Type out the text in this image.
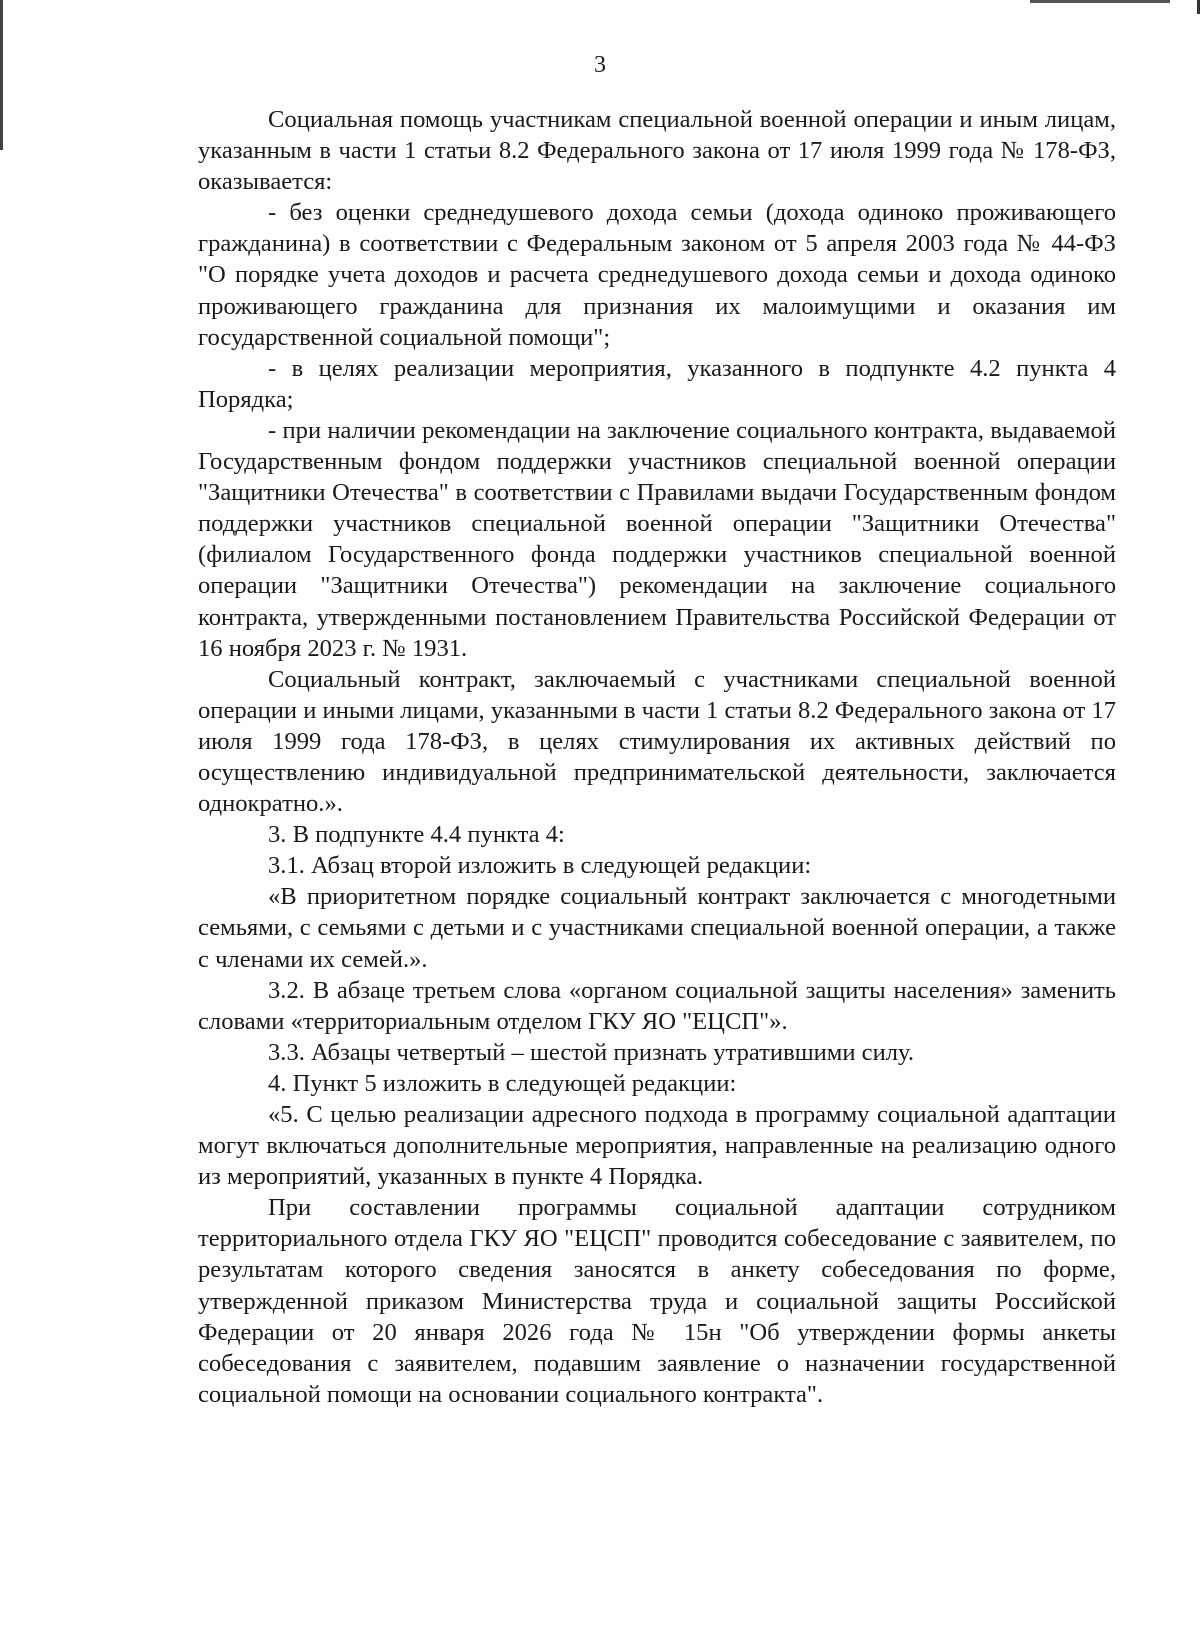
3

Социальная помощь участникам специальной военной операции и иным лицам, указанным в части 1 статьи 8.2 Федерального закона от 17 июля 1999 года № 178-ФЗ, оказывается:

- без оценки среднедушевого дохода семьи (дохода одиноко проживающего гражданина) в соответствии с Федеральным законом от 5 апреля 2003 года № 44-ФЗ "О порядке учета доходов и расчета среднедушевого дохода семьи и дохода одиноко проживающего гражданина для признания их малоимущими и оказания им государственной социальной помощи";

- в целях реализации мероприятия, указанного в подпункте 4.2 пункта 4 Порядка;

- при наличии рекомендации на заключение социального контракта, выдаваемой Государственным фондом поддержки участников специальной военной операции "Защитники Отечества" в соответствии с Правилами выдачи Государственным фондом поддержки участников специальной военной операции "Защитники Отечества" (филиалом Государственного фонда поддержки участников специальной военной операции "Защитники Отечества") рекомендации на заключение социального контракта, утвержденными постановлением Правительства Российской Федерации от 16 ноября 2023 г. № 1931.

Социальный контракт, заключаемый с участниками специальной военной операции и иными лицами, указанными в части 1 статьи 8.2 Федерального закона от 17 июля 1999 года 178-ФЗ, в целях стимулирования их активных действий по осуществлению индивидуальной предпринимательской деятельности, заключается однократно.».

3. В подпункте 4.4 пункта 4:

3.1. Абзац второй изложить в следующей редакции:

«В приоритетном порядке социальный контракт заключается с многодетными семьями, с семьями с детьми и с участниками специальной военной операции, а также с членами их семей.».

3.2. В абзаце третьем слова «органом социальной защиты населения» заменить словами «территориальным отделом ГКУ ЯО "ЕЦСП"».

3.3. Абзацы четвертый – шестой признать утратившими силу.

4. Пункт 5 изложить в следующей редакции:

«5. С целью реализации адресного подхода в программу социальной адаптации могут включаться дополнительные мероприятия, направленные на реализацию одного из мероприятий, указанных в пункте 4 Порядка.

При составлении программы социальной адаптации сотрудником территориального отдела ГКУ ЯО "ЕЦСП" проводится собеседование с заявителем, по результатам которого сведения заносятся в анкету собеседования по форме, утвержденной приказом Министерства труда и социальной защиты Российской Федерации от 20 января 2026 года № 15н "Об утверждении формы анкеты собеседования с заявителем, подавшим заявление о назначении государственной социальной помощи на основании социального контракта".
